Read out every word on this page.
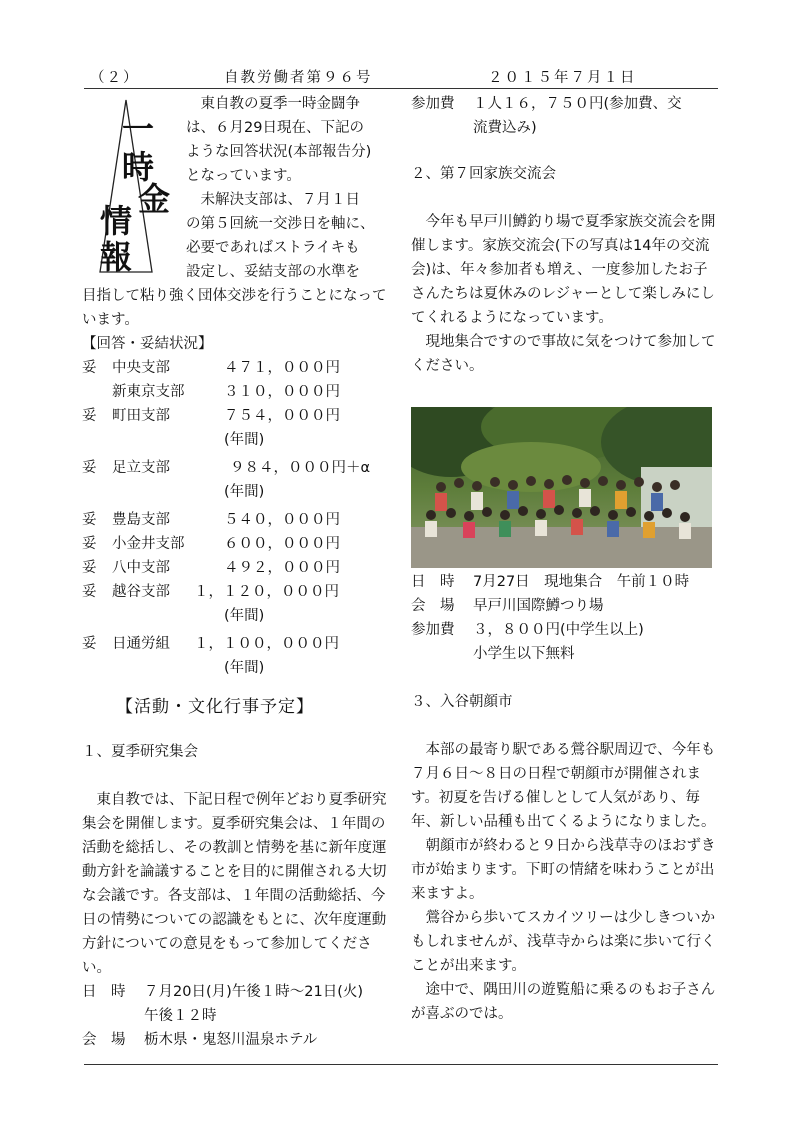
（２）	自教労働者第９６号	２０１５年７月１日
一
時
金
情
報

東自教の夏季一時金闘争

は、６月29日現在、下記の

ような回答状況(本部報告分)

となっています。

未解決支部は、７月１日

の第５回統一交渉日を軸に、

必要であればストライキも

設定し、妥結支部の水準を

目指して粘り強く団体交渉を行うことになっています。

【回答・妥結状況】

妥 中央支部	４７１，０００円
新東京支部	３１０，０００円
妥 町田支部	７５４，０００円
(年間)
妥 足立支部	９８４，０００円＋α
(年間)
妥 豊島支部	５４０，０００円
妥 小金井支部	６００，０００円
妥 八中支部	４９２，０００円
妥 越谷支部 １，１２０，０００円
(年間)
妥 日通労組 １，１００，０００円
(年間)
【活動・文化行事予定】

１、夏季研究集会

東自教では、下記日程で例年どおり夏季研究集会を開催します。夏季研究集会は、１年間の活動を総括し、その教訓と情勢を基に新年度運動方針を論議することを目的に開催される大切な会議です。各支部は、１年間の活動総括、今日の情勢についての認識をもとに、次年度運動方針についての意見をもって参加してください。

日　時 ７月20日(月)午後１時～21日(火)
午後１２時
会　場 栃木県・鬼怒川温泉ホテル
参加費 １人１６，７５０円(参加費、交
流費込み)

２、第７回家族交流会

今年も早戸川鱒釣り場で夏季家族交流会を開催します。家族交流会(下の写真は14年の交流会)は、年々参加者も増え、一度参加したお子さんたちは夏休みのレジャーとして楽しみにしてくれるようになっています。

現地集合ですので事故に気をつけて参加してください。

日　時 7月27日　現地集合　午前１０時
会　場 早戸川国際鱒つり場
参加費 ３，８００円(中学生以上)
小学生以下無料

３、入谷朝顔市

本部の最寄り駅である鶯谷駅周辺で、今年も７月６日～８日の日程で朝顔市が開催されます。初夏を告げる催しとして人気があり、毎年、新しい品種も出てくるようになりました。

朝顔市が終わると９日から浅草寺のほおずき市が始まります。下町の情緒を味わうことが出来ますよ。

鶯谷から歩いてスカイツリーは少しきついかもしれませんが、浅草寺からは楽に歩いて行くことが出来ます。

途中で、隅田川の遊覧船に乗るのもお子さんが喜ぶのでは。
